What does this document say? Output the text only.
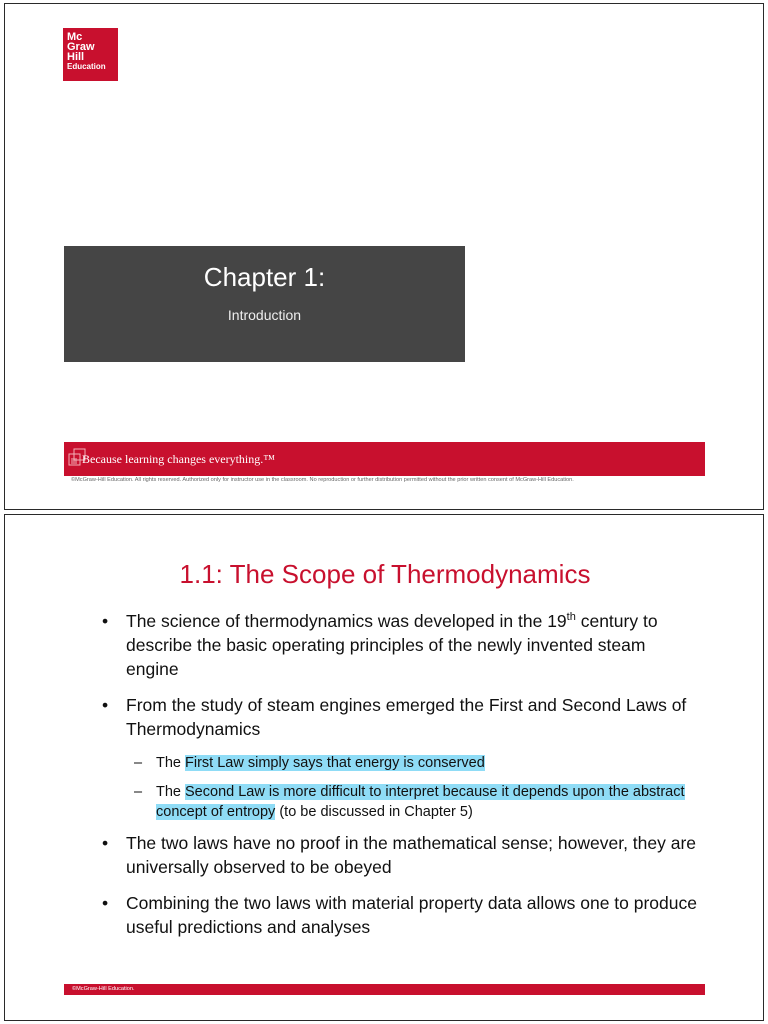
Mc
Graw
Hill
Education
Chapter 1:
Introduction
Because learning changes everything.™
©McGraw-Hill Education. All rights reserved. Authorized only for instructor use in the classroom. No reproduction or further distribution permitted without the prior written consent of McGraw-Hill Education.
1.1: The Scope of Thermodynamics
• The science of thermodynamics was developed in the 19th century to describe the basic operating principles of the newly invented steam engine
• From the study of steam engines emerged the First and Second Laws of Thermodynamics
– The First Law simply says that energy is conserved
– The Second Law is more difficult to interpret because it depends upon the abstract concept of entropy (to be discussed in Chapter 5)
• The two laws have no proof in the mathematical sense; however, they are universally observed to be obeyed
• Combining the two laws with material property data allows one to produce useful predictions and analyses
©McGraw-Hill Education.
